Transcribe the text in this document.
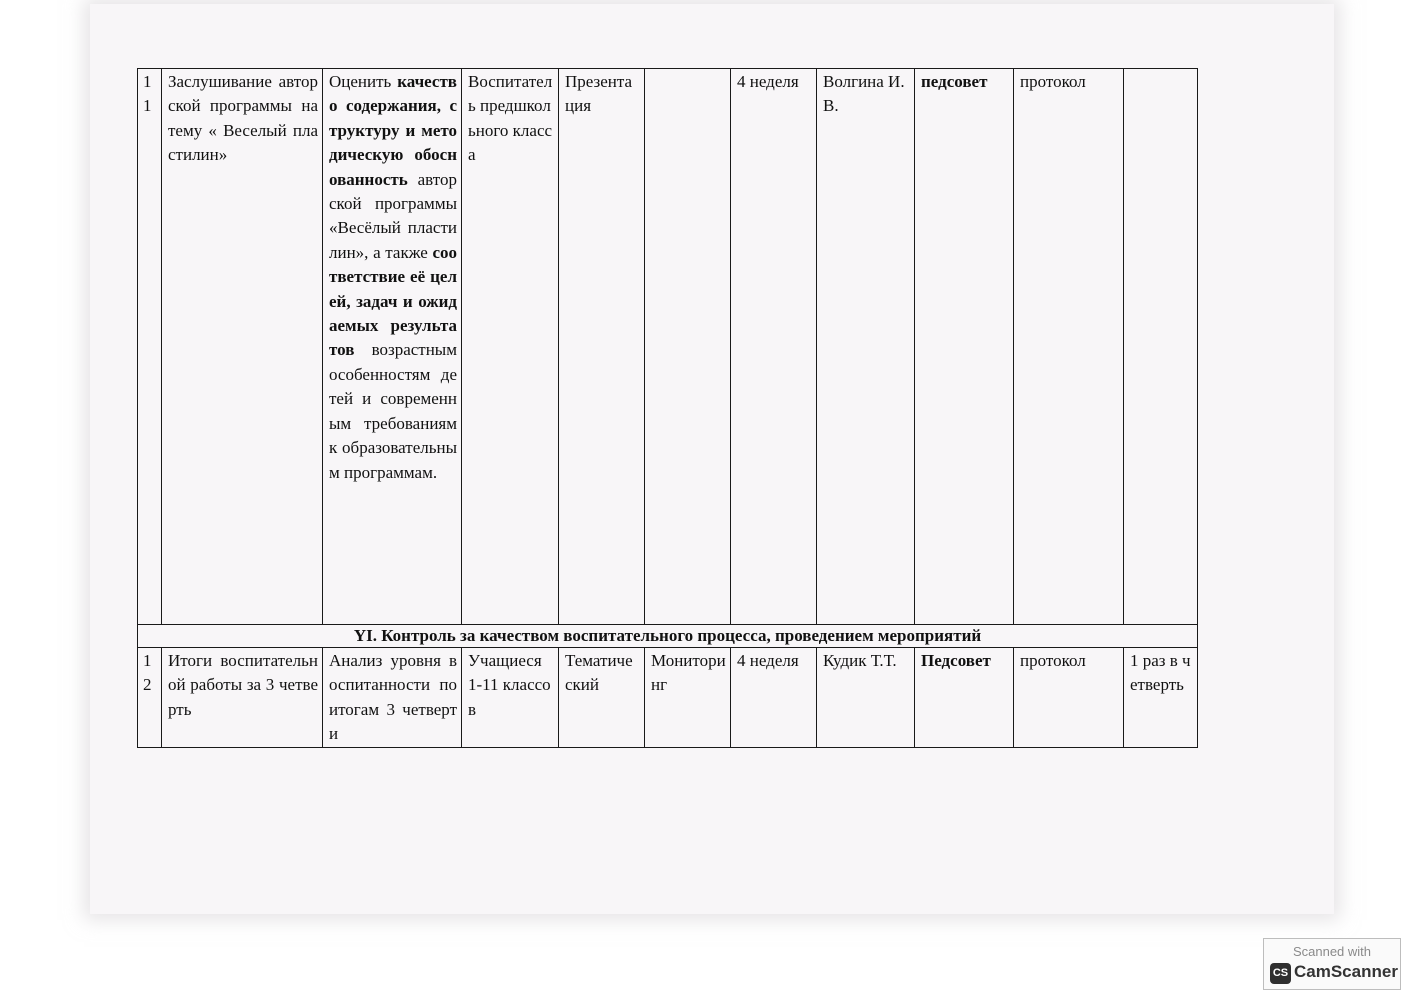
1 1	Заслушивание авторской программы на тему « Веселый пластилин»	Оценить качество содержания, структуру и методическую обоснованность авторской программы «Весёлый пластилин», а также соответствие её целей, задач и ожидаемых результатов возрастным особенностям детей и современным требованиям к образовательным программам.	Воспитатель предшкольного класса	Презентация		4 неделя	Волгина И.В.	педсовет	протокол	
YI. Контроль за качеством воспитательного процесса, проведением мероприятий										
1 2	Итоги воспитательной работы за 3 четверть	Анализ уровня воспитанности по итогам 3 четверти	Учащиеся 1-11 классов	Тематический	Мониторинг	4 неделя	Кудик Т.Т.	Педсовет	протокол	1 раз в четверть
Scanned with
CS CamScanner
